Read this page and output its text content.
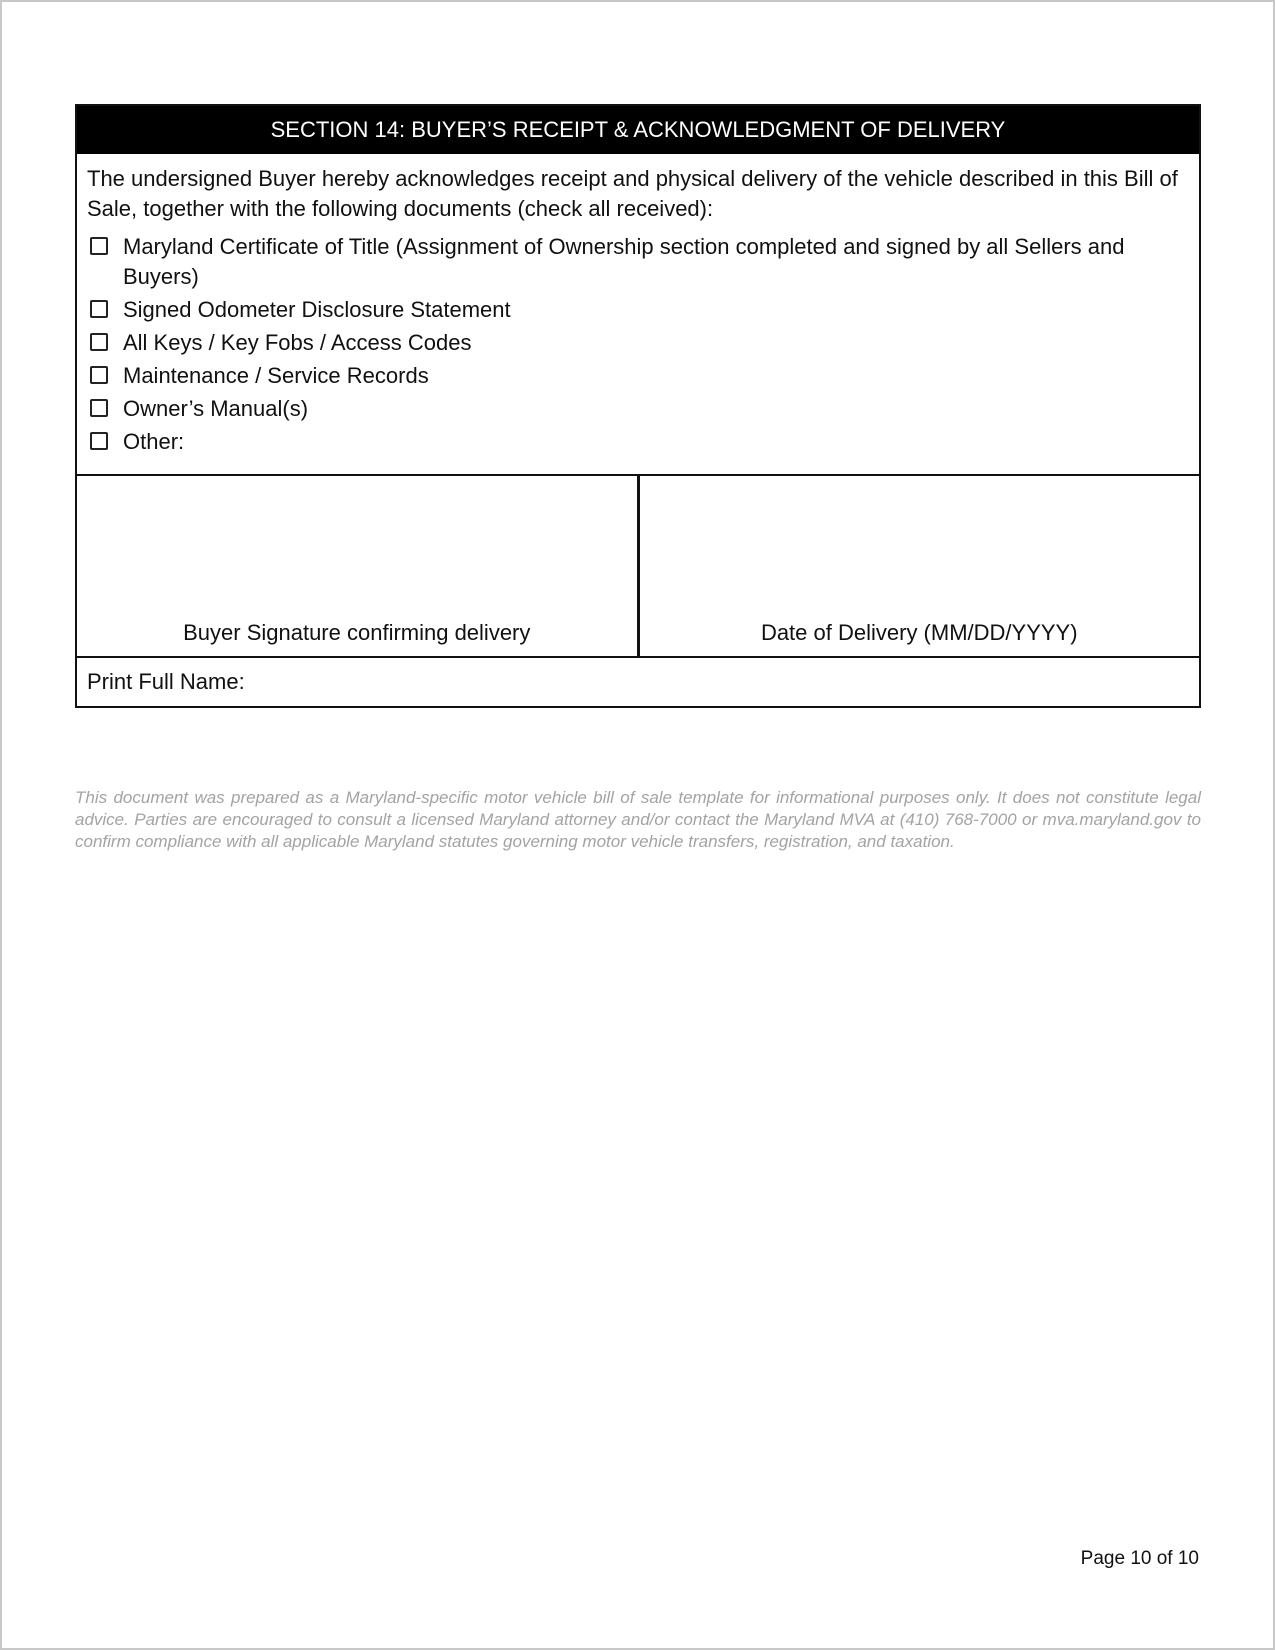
SECTION 14: BUYER’S RECEIPT & ACKNOWLEDGMENT OF DELIVERY

The undersigned Buyer hereby acknowledges receipt and physical delivery of the vehicle described in this Bill of Sale, together with the following documents (check all received):

Maryland Certificate of Title (Assignment of Ownership section completed and signed by all Sellers and Buyers)
Signed Odometer Disclosure Statement
All Keys / Key Fobs / Access Codes
Maintenance / Service Records
Owner’s Manual(s)
Other:
Buyer Signature confirming delivery	Date of Delivery (MM/DD/YYYY)
Print Full Name:

This document was prepared as a Maryland-specific motor vehicle bill of sale template for informational purposes only. It does not constitute legal advice. Parties are encouraged to consult a licensed Maryland attorney and/or contact the Maryland MVA at (410) 768-7000 or mva.maryland.gov to confirm compliance with all applicable Maryland statutes governing motor vehicle transfers, registration, and taxation.

Page 10 of 10
